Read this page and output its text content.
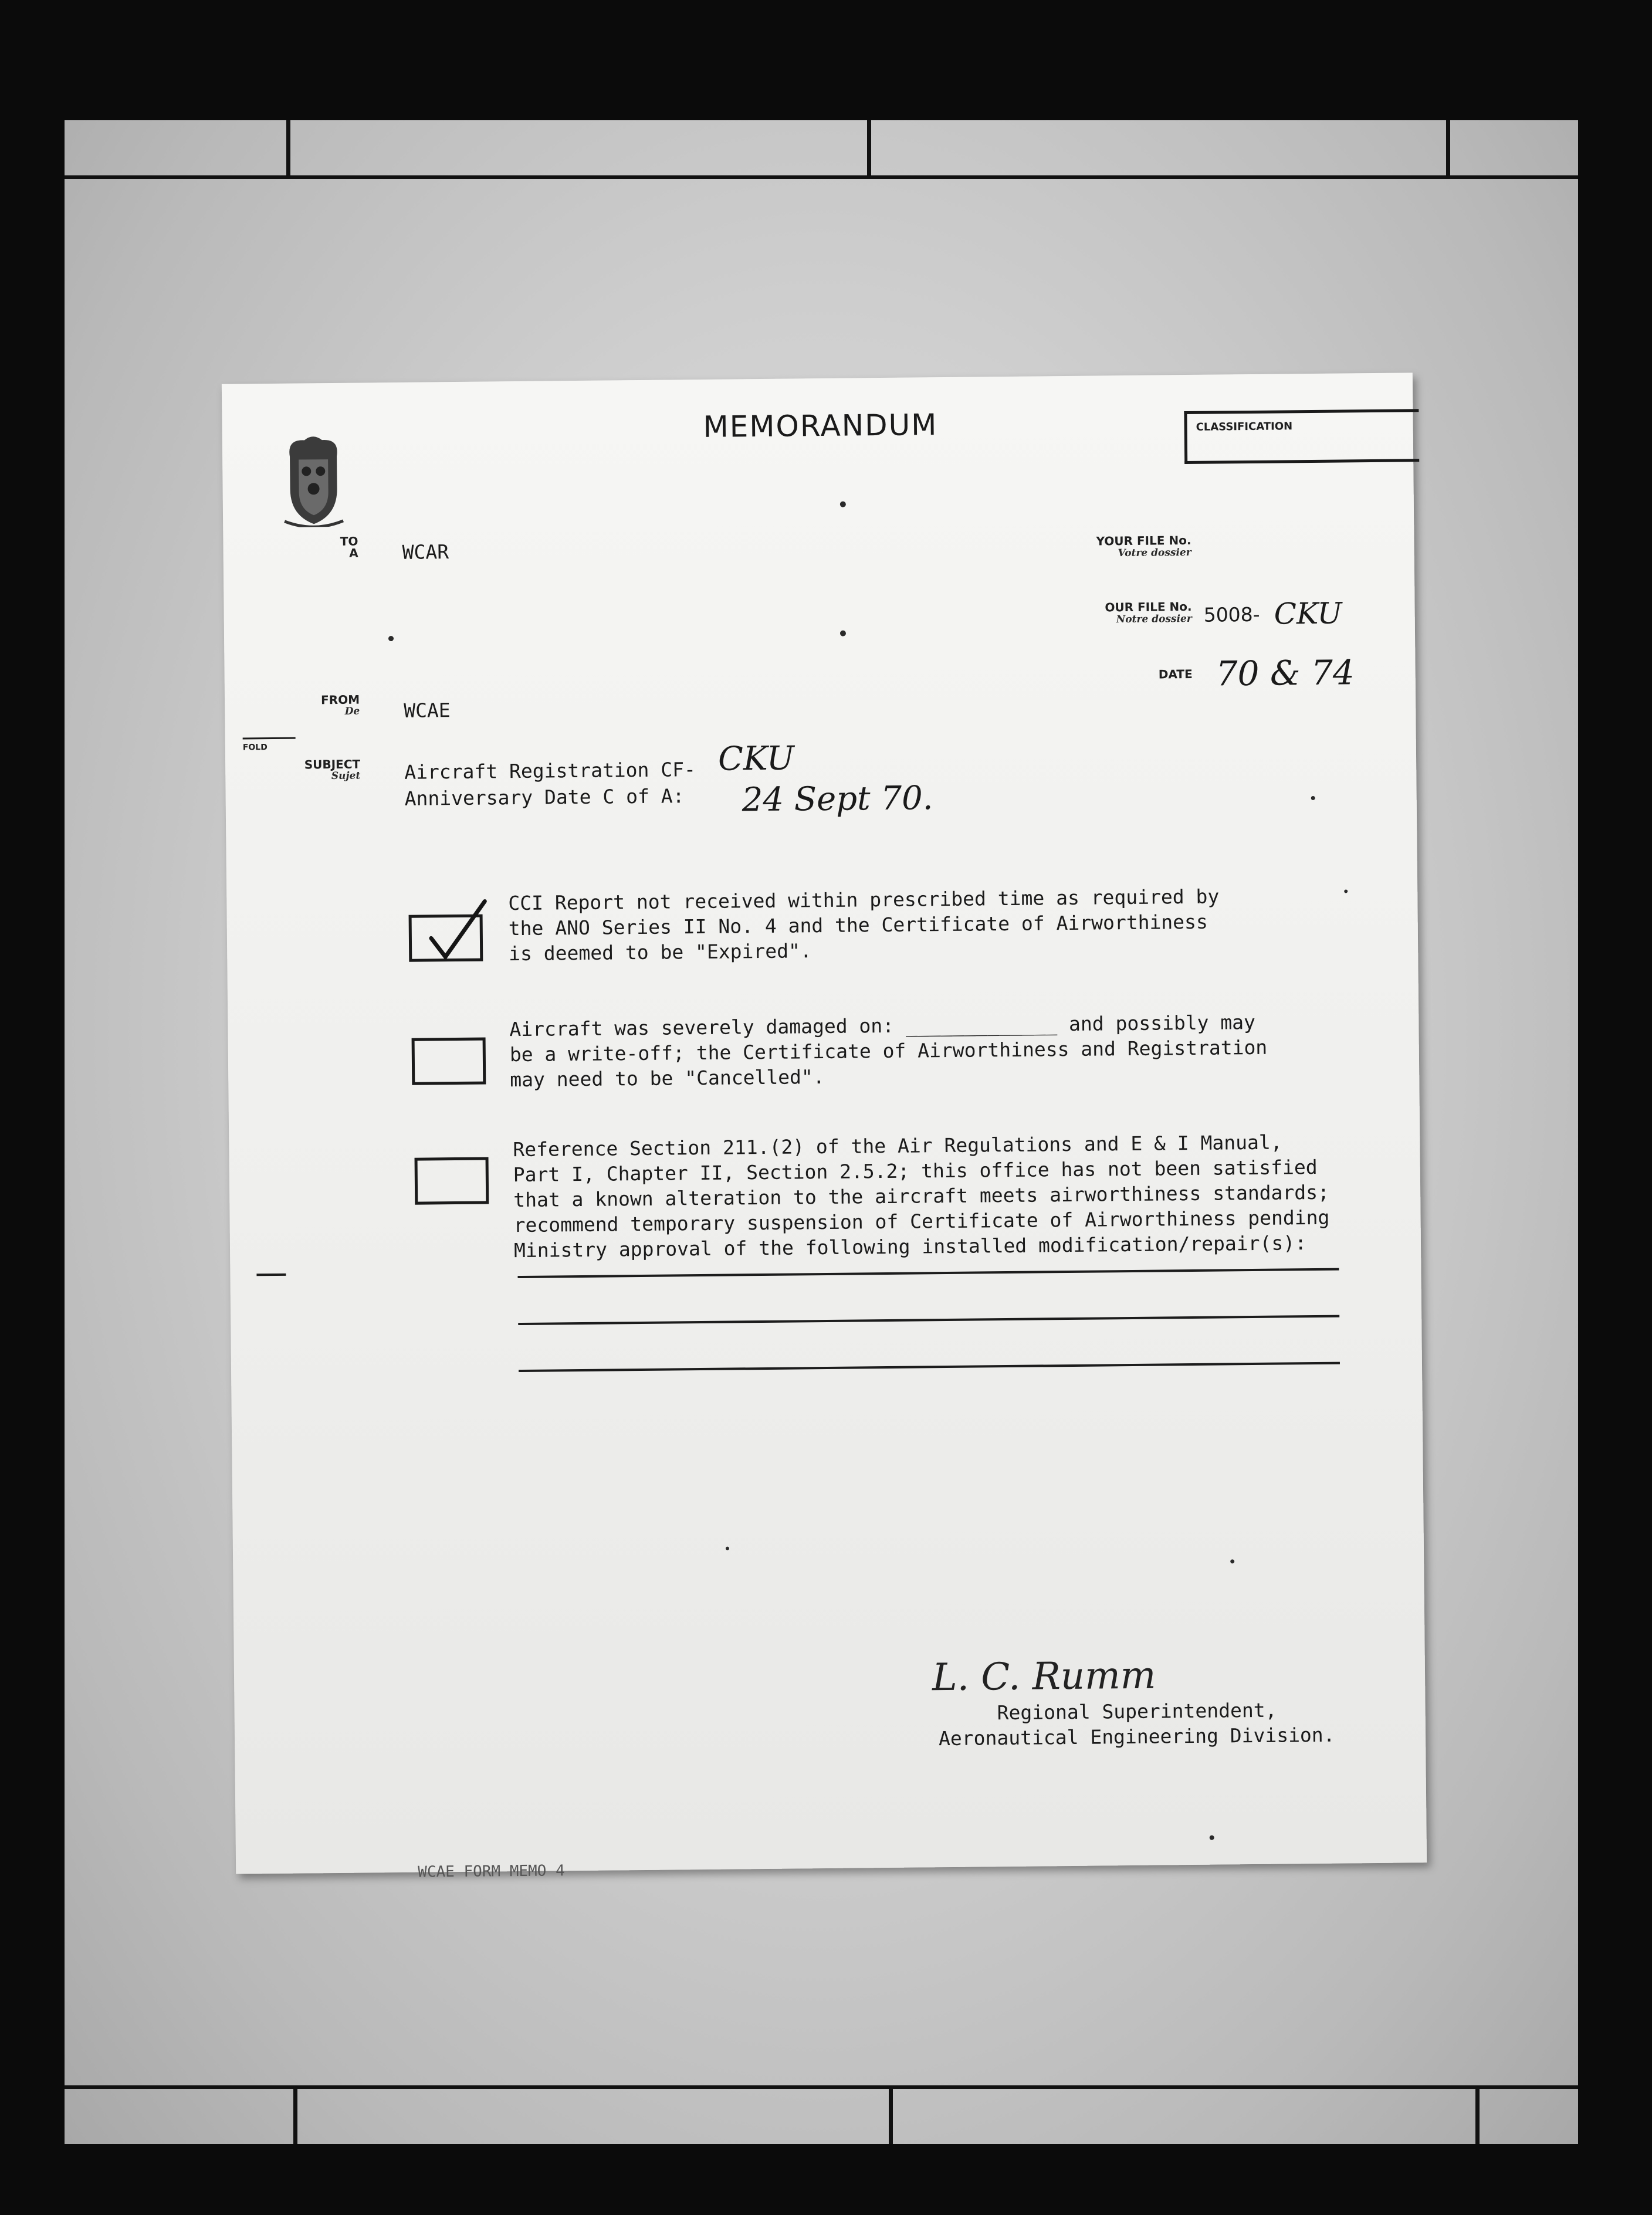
MEMORANDUM	CLASSIFICATION
TO
A WCAR	YOUR FILE No.
Votre dossier
OUR FILE No.
Notre dossier 5008- CKU
DATE 70 & 74
FROM
De WCAE
FOLD
SUBJECT
Sujet Aircraft Registration CF- CKU
Anniversary Date C of A: 24 Sept 70.
CCI Report not received within prescribed time as required by
the ANO Series II No. 4 and the Certificate of Airworthiness
is deemed to be "Expired".
Aircraft was severely damaged on: _____________ and possibly may
be a write-off; the Certificate of Airworthiness and Registration
may need to be "Cancelled".
Reference Section 211.(2) of the Air Regulations and E & I Manual,
Part I, Chapter II, Section 2.5.2; this office has not been satisfied
that a known alteration to the aircraft meets airworthiness standards;
recommend temporary suspension of Certificate of Airworthiness pending
Ministry approval of the following installed modification/repair(s):
L. C. Rumm
Regional Superintendent,
Aeronautical Engineering Division.
WCAE FORM MEMO 4
